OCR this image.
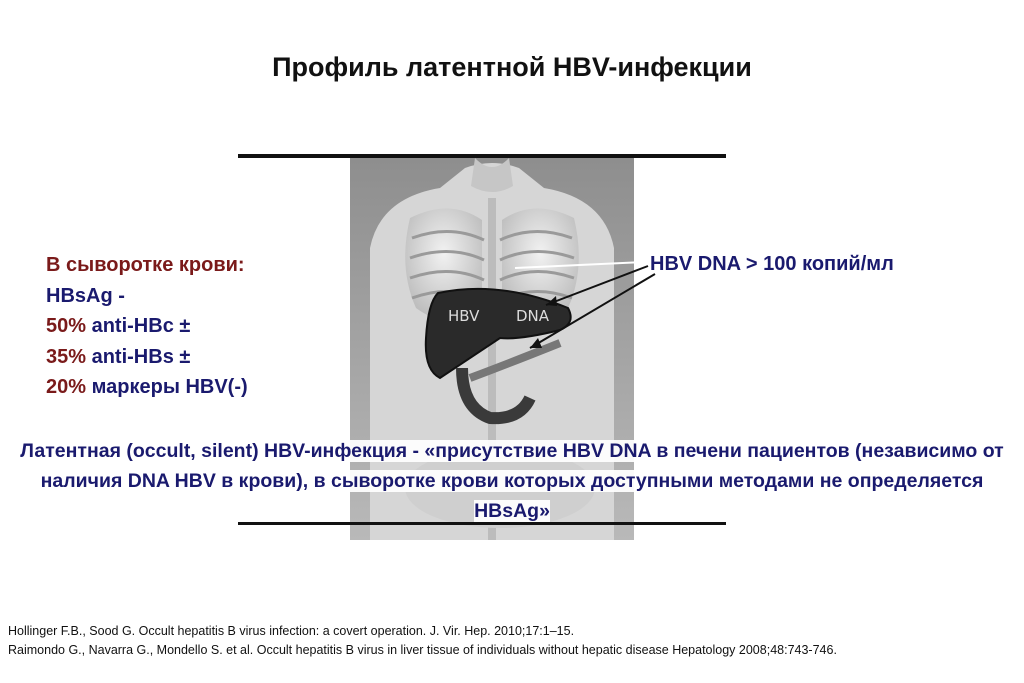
Профиль латентной HBV-инфекции
HBV DNA
В сыворотке крови:
HBsAg -
50% anti-HBc ±
35% anti-HBs ±
20% маркеры HBV(-)
HBV DNA > 100 копий/мл
Латентная (occult, silent) HBV-инфекция - «присутствие HBV DNA в печени пациентов (независимо от
наличия DNA HBV в крови), в сыворотке крови которых доступными методами не определяется
HBsAg»
Hollinger F.B., Sood G. Occult hepatitis B virus infection: a covert operation. J. Vir. Hep. 2010;17:1–15.
Raimondo G., Navarra G., Mondello S. et al. Occult hepatitis B virus in liver tissue of individuals without hepatic disease Hepatology 2008;48:743-746.
